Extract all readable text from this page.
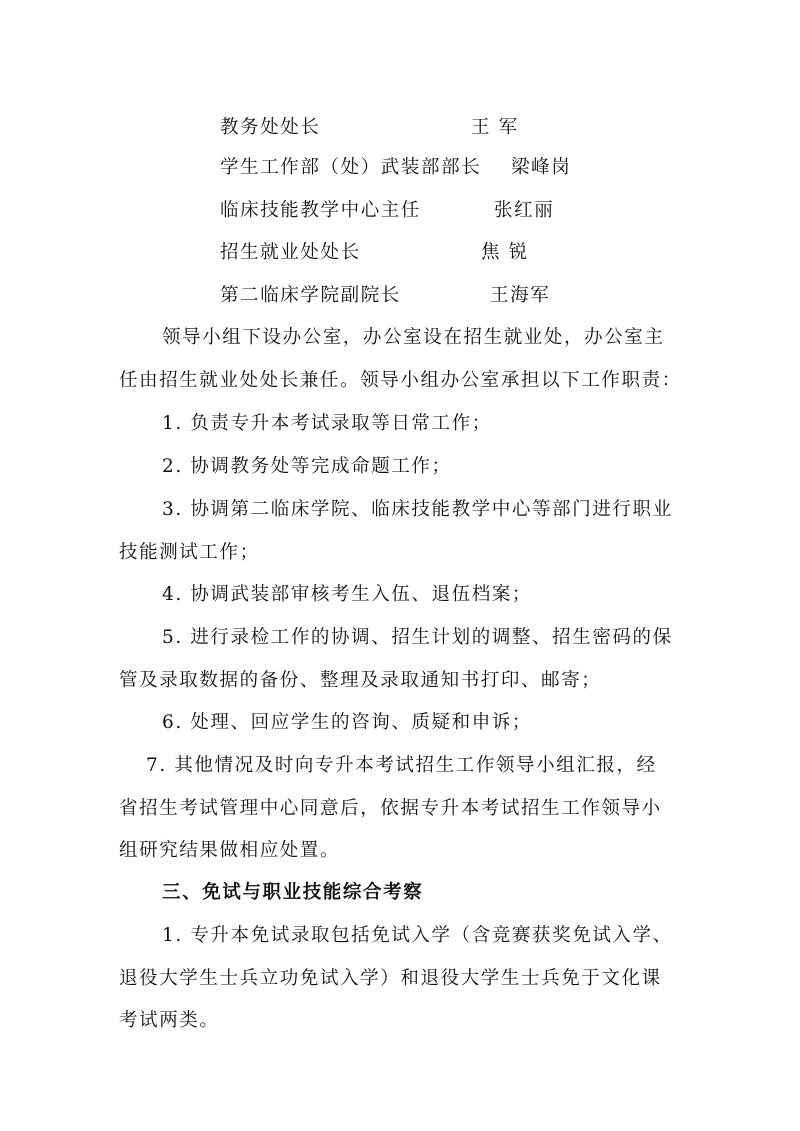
教务处处长	王 军
学生工作部（处）武装部部长 梁峰岗
临床技能教学中心主任	张红丽
招生就业处处长	焦 锐
第二临床学院副院长	王海军
领导小组下设办公室，办公室设在招生就业处，办公室主
任由招生就业处处长兼任。领导小组办公室承担以下工作职责：
1. 负责专升本考试录取等日常工作；
2. 协调教务处等完成命题工作；
3. 协调第二临床学院、临床技能教学中心等部门进行职业
技能测试工作；
4. 协调武装部审核考生入伍、退伍档案；
5. 进行录检工作的协调、招生计划的调整、招生密码的保
管及录取数据的备份、整理及录取通知书打印、邮寄；
6. 处理、回应学生的咨询、质疑和申诉；
7. 其他情况及时向专升本考试招生工作领导小组汇报，经
省招生考试管理中心同意后，依据专升本考试招生工作领导小
组研究结果做相应处置。
三、免试与职业技能综合考察
1. 专升本免试录取包括免试入学（含竞赛获奖免试入学、
退役大学生士兵立功免试入学）和退役大学生士兵免于文化课
考试两类。
